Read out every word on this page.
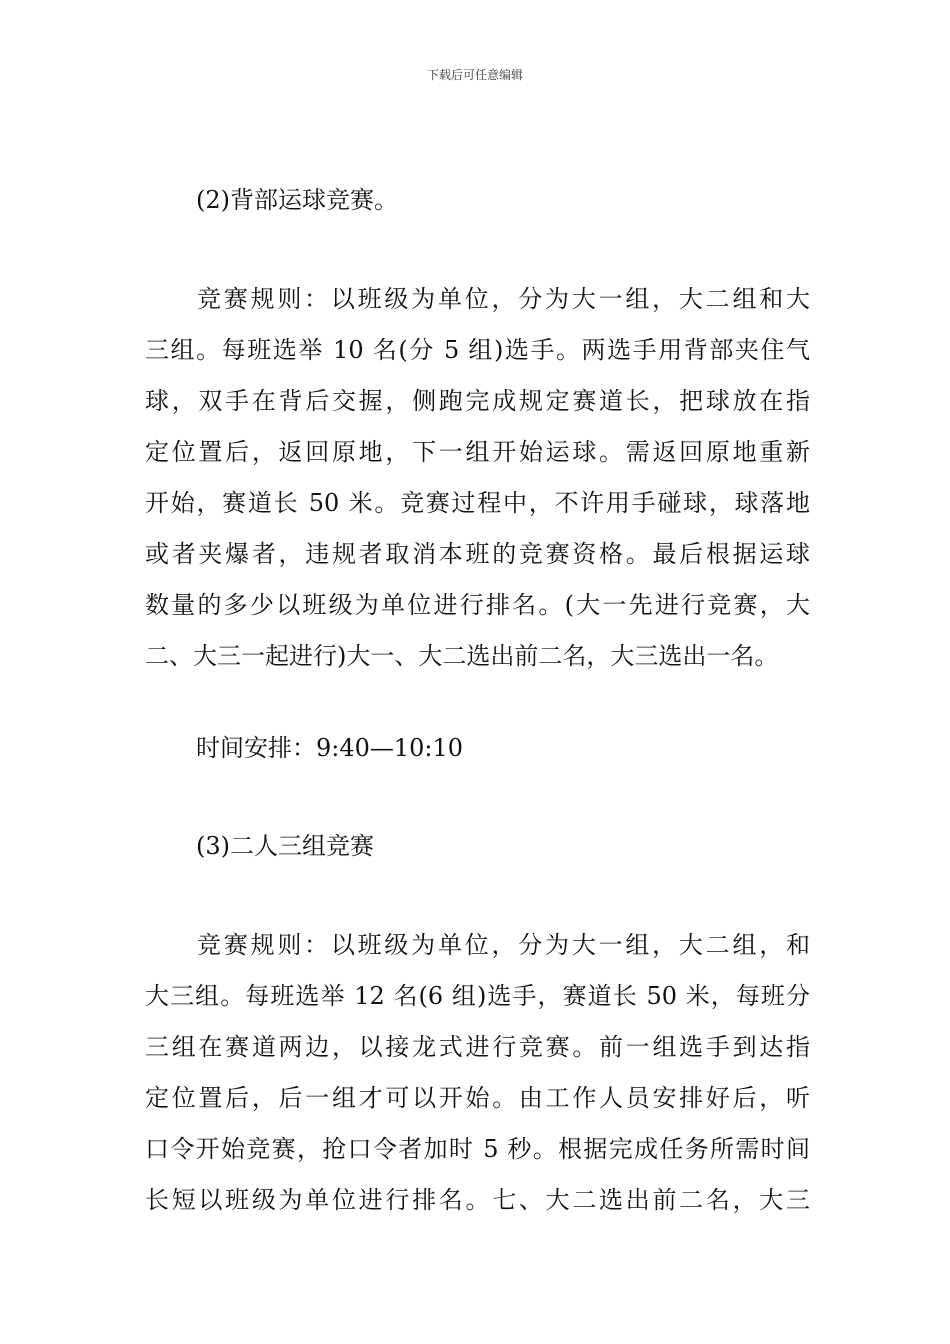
下载后可任意编辑
(2)背部运球竞赛。
竞赛规则：以班级为单位，分为大一组，大二组和大
三组。每班选举 10 名(分 5 组)选手。两选手用背部夹住气
球，双手在背后交握，侧跑完成规定赛道长，把球放在指
定位置后，返回原地，下一组开始运球。需返回原地重新
开始，赛道长 50 米。竞赛过程中，不许用手碰球，球落地
或者夹爆者，违规者取消本班的竞赛资格。最后根据运球
数量的多少以班级为单位进行排名。(大一先进行竞赛，大
二、大三一起进行)大一、大二选出前二名，大三选出一名。
时间安排：9:40—10:10
(3)二人三组竞赛
竞赛规则：以班级为单位，分为大一组，大二组，和
大三组。每班选举 12 名(6 组)选手，赛道长 50 米，每班分
三组在赛道两边，以接龙式进行竞赛。前一组选手到达指
定位置后，后一组才可以开始。由工作人员安排好后，听
口令开始竞赛，抢口令者加时 5 秒。根据完成任务所需时间
长短以班级为单位进行排名。七、大二选出前二名，大三
